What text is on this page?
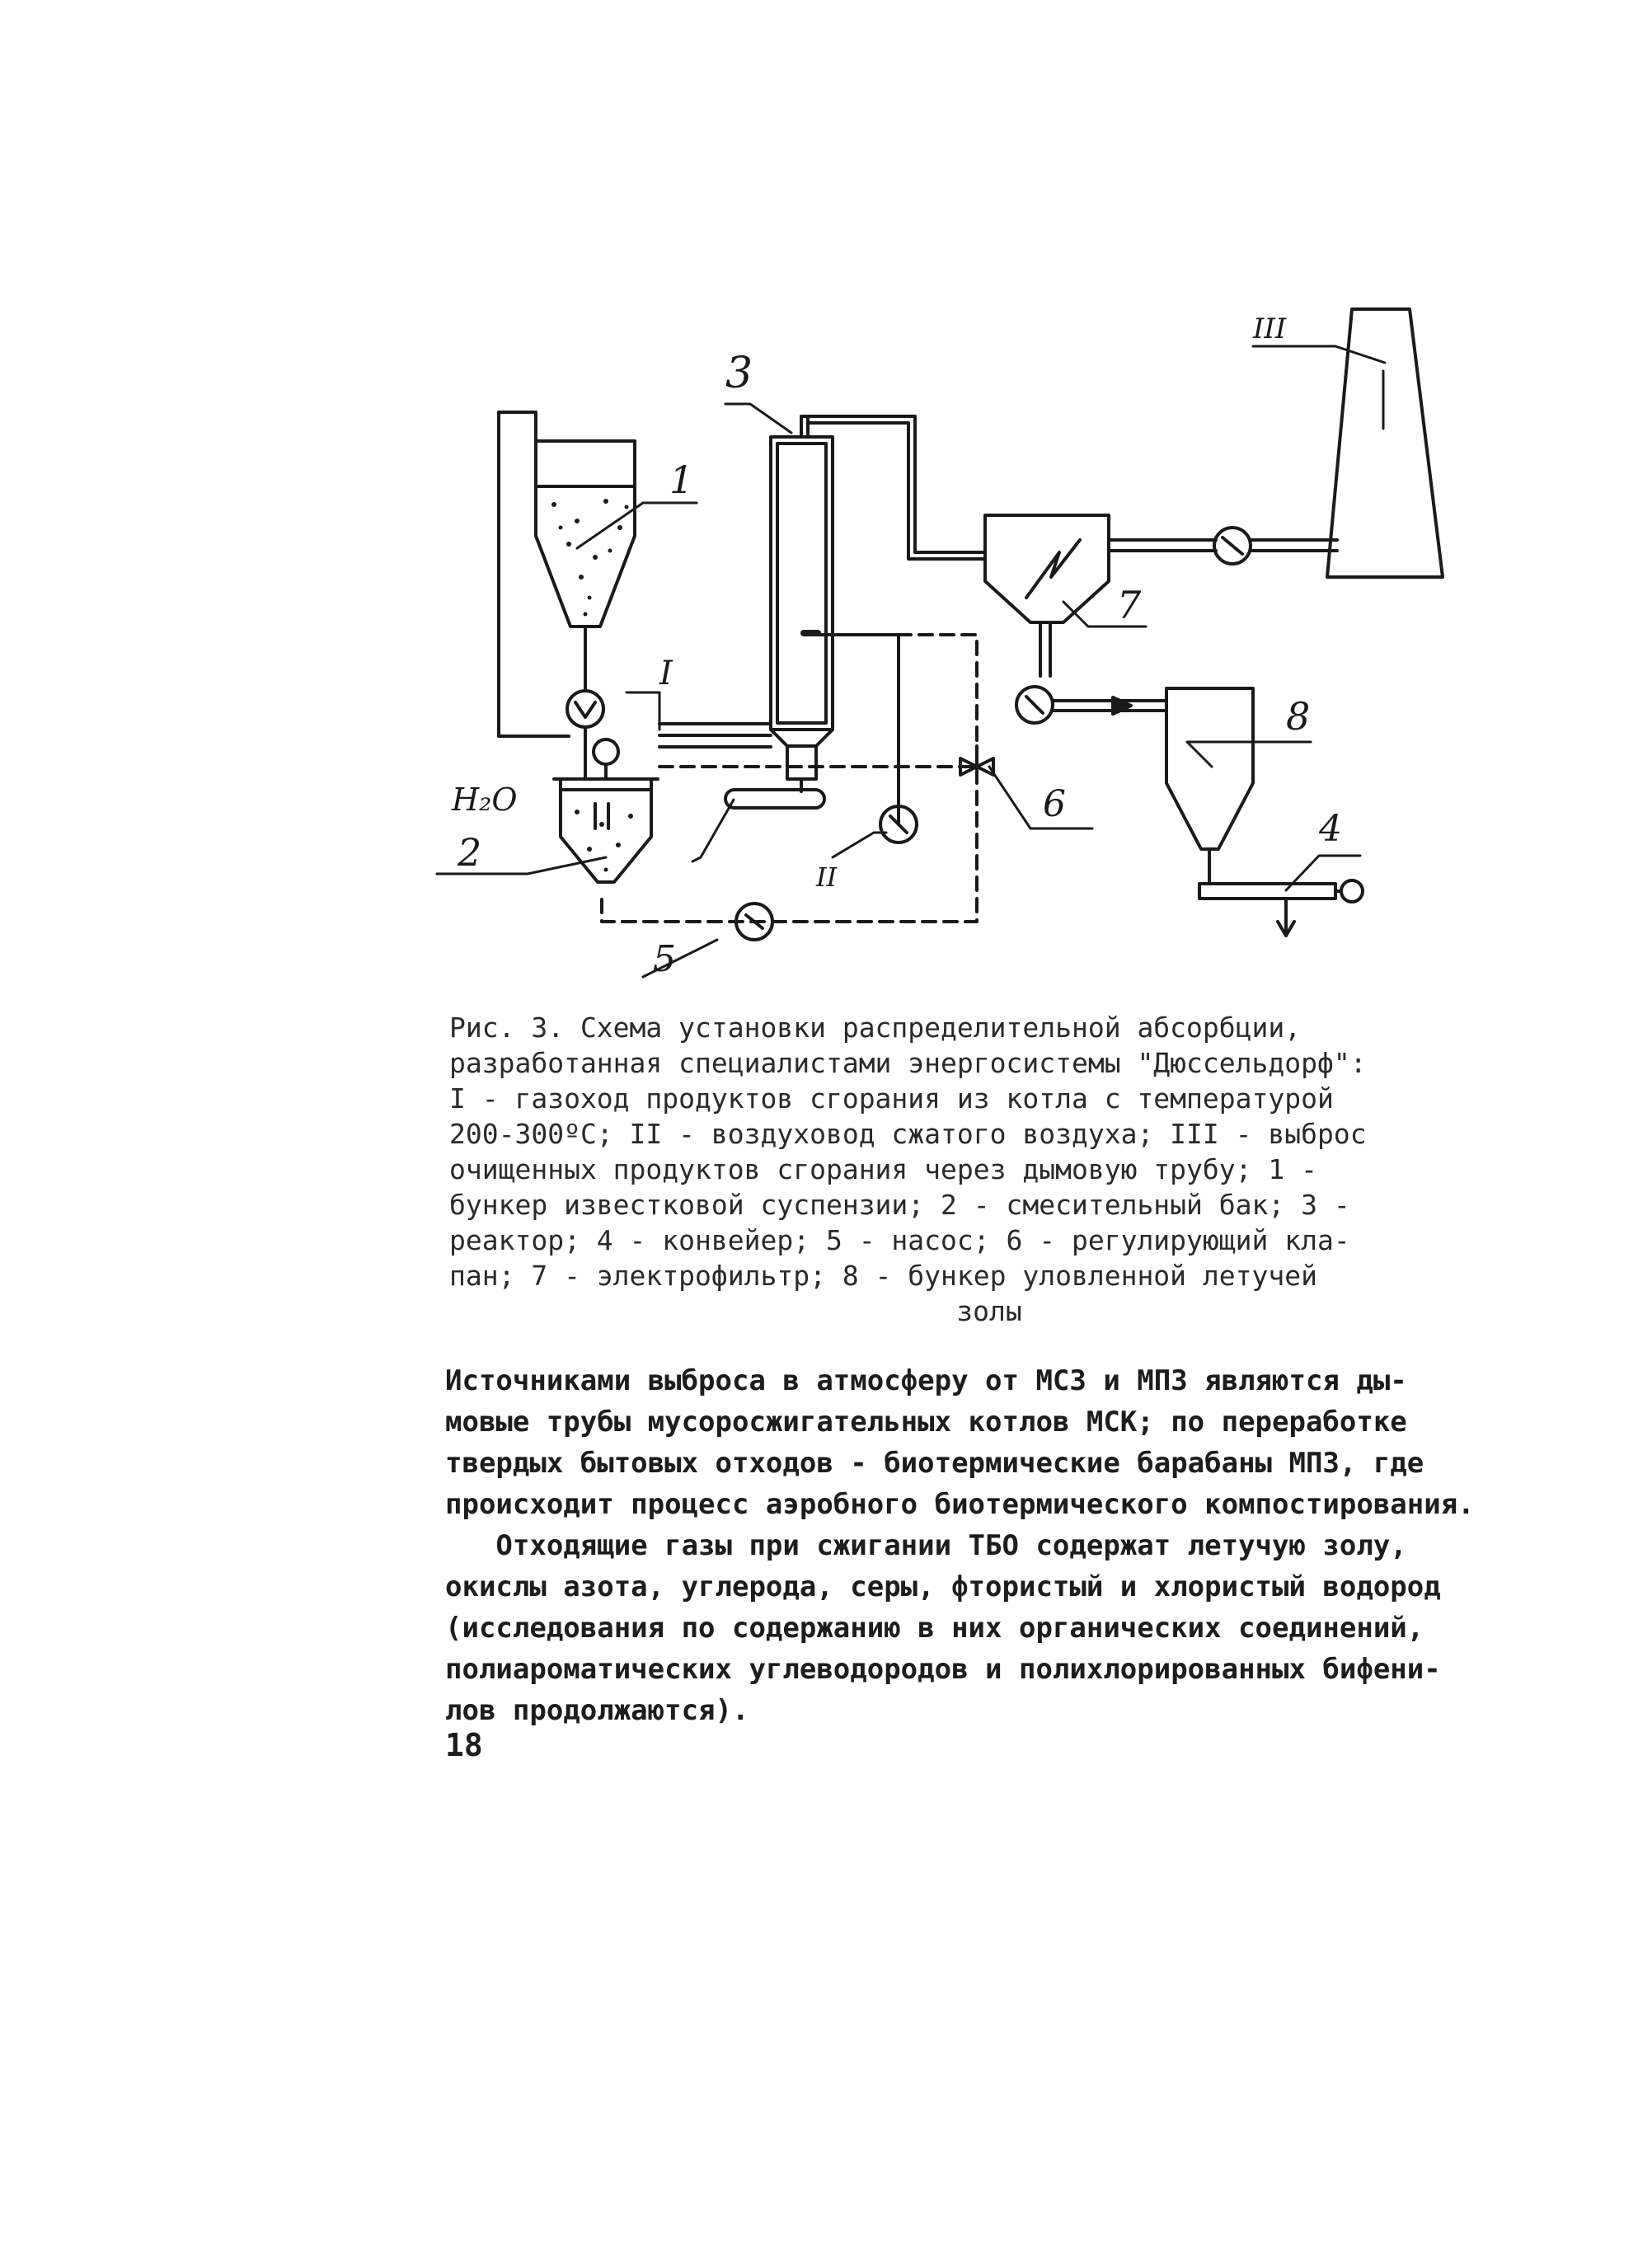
1
2
3
4
5
6
7
8
I
II
III
H₂O
Рис. 3. Схема установки распределительной абсорбции,
разработанная специалистами энергосистемы "Дюссельдорф":
I - газоход продуктов сгорания из котла с температурой
200-300ºС; II - воздуховод сжатого воздуха; III - выброс
очищенных продуктов сгорания через дымовую трубу; 1 -
бункер известковой суспензии; 2 - смесительный бак; 3 -
реактор; 4 - конвейер; 5 - насос; 6 - регулирующий кла-
пан; 7 - электрофильтр; 8 - бункер уловленной летучей
золы
Источниками выброса в атмосферу от МСЗ и МПЗ являются ды-
мовые трубы мусоросжигательных котлов МСК; по переработке
твердых бытовых отходов - биотермические барабаны МПЗ, где
происходит процесс аэробного биотермического компостирования.
Отходящие газы при сжигании ТБО содержат летучую золу,
окислы азота, углерода, серы, фтористый и хлористый водород
(исследования по содержанию в них органических соединений,
полиароматических углеводородов и полихлорированных бифени-
лов продолжаются).
18
